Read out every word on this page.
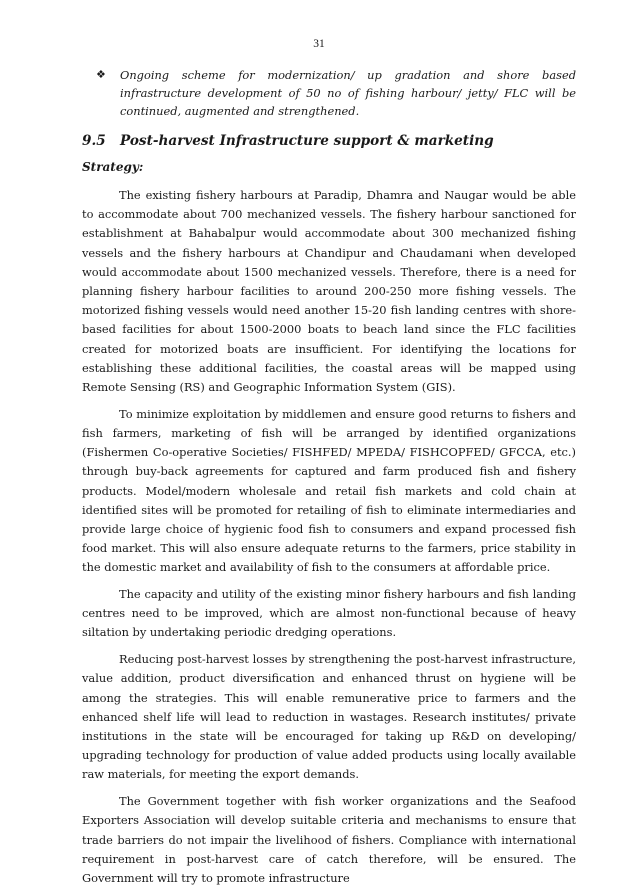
31
❖ Ongoing scheme for modernization/ up gradation and shore based infrastructure development of 50 no of fishing harbour/ jetty/ FLC will be continued, augmented and strengthened.
9.5	Post-harvest Infrastructure support & marketing
Strategy:

The existing fishery harbours at Paradip, Dhamra and Naugar would be able to accommodate about 700 mechanized vessels. The fishery harbour sanctioned for establishment at Bahabalpur would accommodate about 300 mechanized fishing vessels and the fishery harbours at Chandipur and Chaudamani when developed would accommodate about 1500 mechanized vessels. Therefore, there is a need for planning fishery harbour facilities to around 200-250 more fishing vessels. The motorized fishing vessels would need another 15-20 fish landing centres with shore-based facilities for about 1500-2000 boats to beach land since the FLC facilities created for motorized boats are insufficient. For identifying the locations for establishing these additional facilities, the coastal areas will be mapped using Remote Sensing (RS) and Geographic Information System (GIS).

To minimize exploitation by middlemen and ensure good returns to fishers and fish farmers, marketing of fish will be arranged by identified organizations (Fishermen Co-operative Societies/ FISHFED/ MPEDA/ FISHCOPFED/ GFCCA, etc.) through buy-back agreements for captured and farm produced fish and fishery products. Model/modern wholesale and retail fish markets and cold chain at identified sites will be promoted for retailing of fish to eliminate intermediaries and provide large choice of hygienic food fish to consumers and expand processed fish food market. This will also ensure adequate returns to the farmers, price stability in the domestic market and availability of fish to the consumers at affordable price.

The capacity and utility of the existing minor fishery harbours and fish landing centres need to be improved, which are almost non-functional because of heavy siltation by undertaking periodic dredging operations.

Reducing post-harvest losses by strengthening the post-harvest infrastructure, value addition, product diversification and enhanced thrust on hygiene will be among the strategies. This will enable remunerative price to farmers and the enhanced shelf life will lead to reduction in wastages. Research institutes/ private institutions in the state will be encouraged for taking up R&D on developing/ upgrading technology for production of value added products using locally available raw materials, for meeting the export demands.

The Government together with fish worker organizations and the Seafood Exporters Association will develop suitable criteria and mechanisms to ensure that trade barriers do not impair the livelihood of fishers. Compliance with international requirement in post-harvest care of catch therefore, will be ensured. The Government will try to promote infrastructure
